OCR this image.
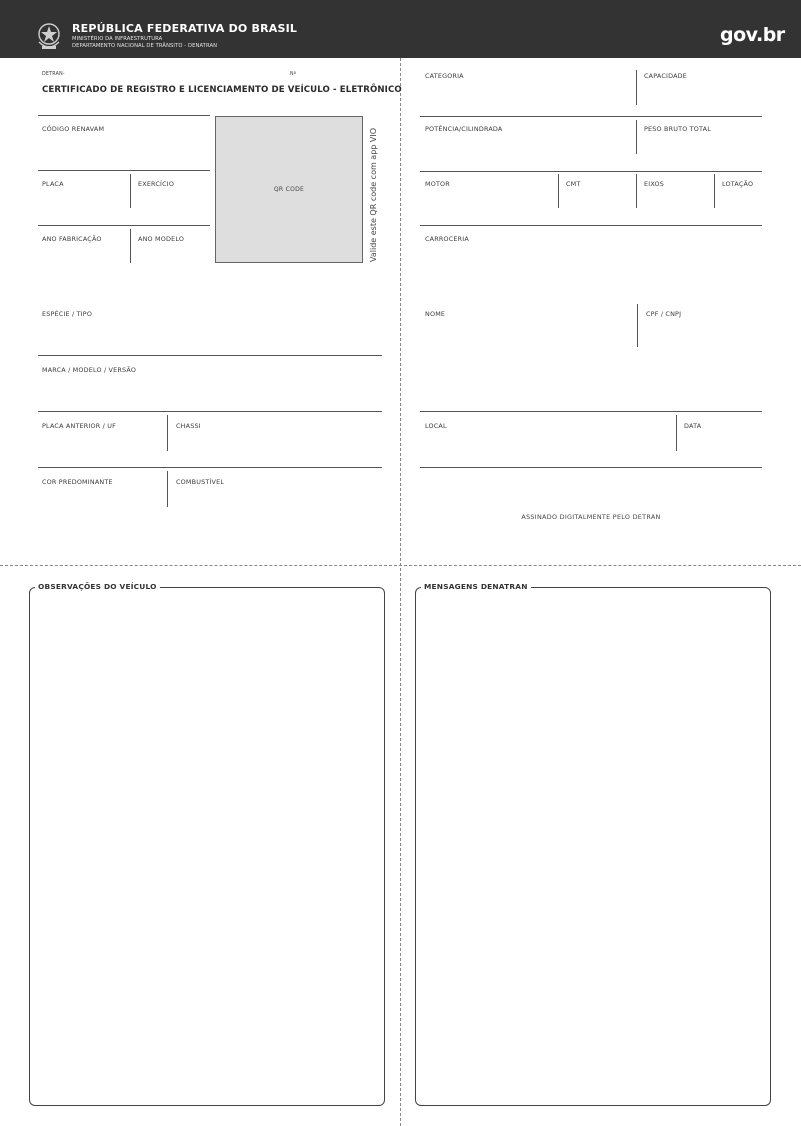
REPÚBLICA FEDERATIVA DO BRASIL
MINISTÉRIO DA INFRAESTRUTURA
DEPARTAMENTO NACIONAL DE TRÂNSITO - DENATRAN	gov.br
DETRAN-	Nº
CERTIFICADO DE REGISTRO E LICENCIAMENTO DE VEÍCULO - ELETRÔNICO
CÓDIGO RENAVAM
PLACA	EXERCÍCIO
ANO FABRICAÇÃO	ANO MODELO
QR CODE	Valide este QR code com app VIO
ESPÉCIE / TIPO
MARCA / MODELO / VERSÃO
PLACA ANTERIOR / UF	CHASSI
COR PREDOMINANTE	COMBUSTÍVEL
CATEGORIA	CAPACIDADE
POTÊNCIA/CILINDRADA	PESO BRUTO TOTAL
MOTOR	CMT	EIXOS	LOTAÇÃO
CARROCERIA
NOME	CPF / CNPJ
LOCAL	DATA
ASSINADO DIGITALMENTE PELO DETRAN
OBSERVAÇÕES DO VEÍCULO	MENSAGENS DENATRAN
